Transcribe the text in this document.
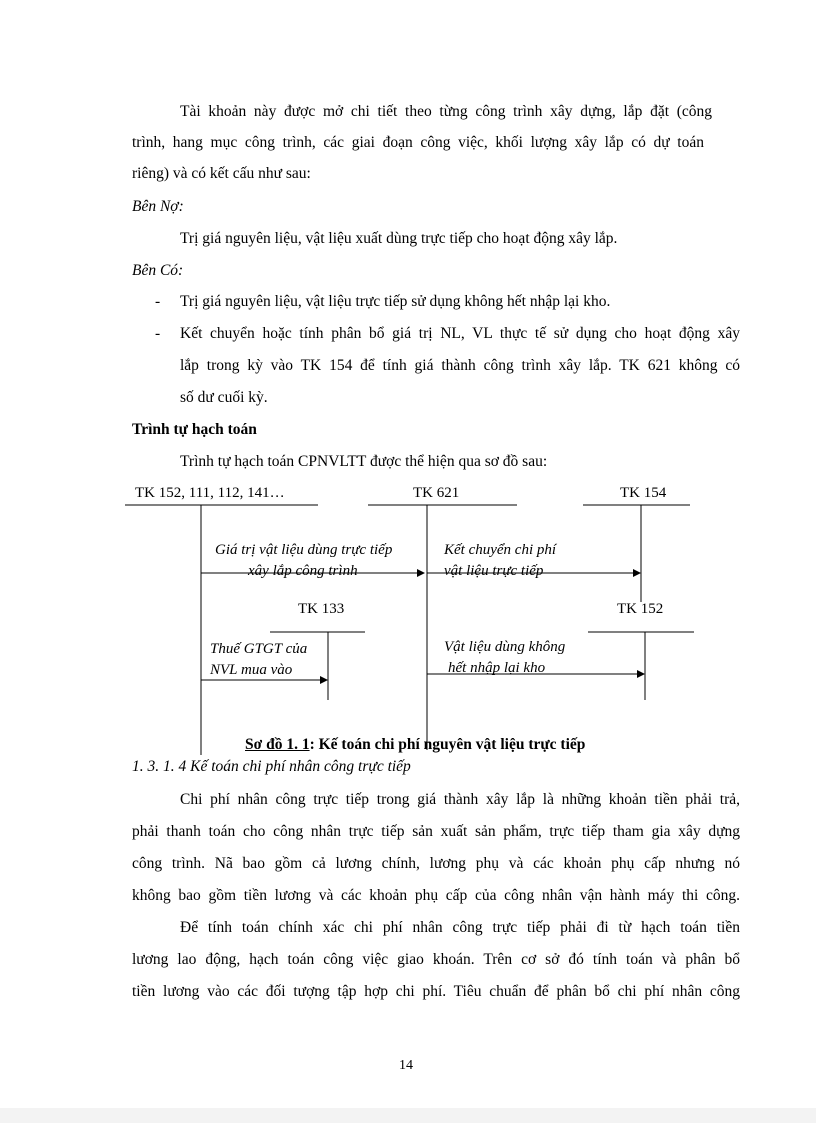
Tài khoản này được mở chi tiết theo từng công trình xây dựng, lắp đặt (công
trình, hang mục công trình, các giai đoạn công việc, khối lượng xây lắp có dự toán
riêng) và có kết cấu như sau:
Bên Nợ:
Trị giá nguyên liệu, vật liệu xuất dùng trực tiếp cho hoạt động xây lắp.
Bên Có:
- Trị giá nguyên liệu, vật liệu trực tiếp sử dụng không hết nhập lại kho.
- Kết chuyển hoặc tính phân bổ giá trị NL, VL thực tế sử dụng cho hoạt động xây
lắp trong kỳ vào TK 154 để tính giá thành công trình xây lắp. TK 621 không có
số dư cuối kỳ.
Trình tự hạch toán
Trình tự hạch toán CPNVLTT được thể hiện qua sơ đồ sau:
TK 152, 111, 112, 141…	TK 621	TK 154
TK 133	TK 152
Giá trị vật liệu dùng trực tiếp
xây lắp công trình
Kết chuyển chi phí
vật liệu trực tiếp
Thuế GTGT của
NVL mua vào
Vật liệu dùng không
hết nhập lại kho
Sơ đồ 1. 1: Kế toán chi phí nguyên vật liệu trực tiếp
1. 3. 1. 4 Kế toán chi phí nhân công trực tiếp
Chi phí nhân công trực tiếp trong giá thành xây lắp là những khoản tiền phải trả,
phải thanh toán cho công nhân trực tiếp sản xuất sản phẩm, trực tiếp tham gia xây dựng
công trình. Nã bao gồm cả lương chính, lương phụ và các khoản phụ cấp nhưng nó
không bao gồm tiền lương và các khoản phụ cấp của công nhân vận hành máy thi công.
Để tính toán chính xác chi phí nhân công trực tiếp phải đi từ hạch toán tiền
lương lao động, hạch toán công việc giao khoán. Trên cơ sở đó tính toán và phân bổ
tiền lương vào các đối tượng tập hợp chi phí. Tiêu chuẩn để phân bổ chi phí nhân công
14
